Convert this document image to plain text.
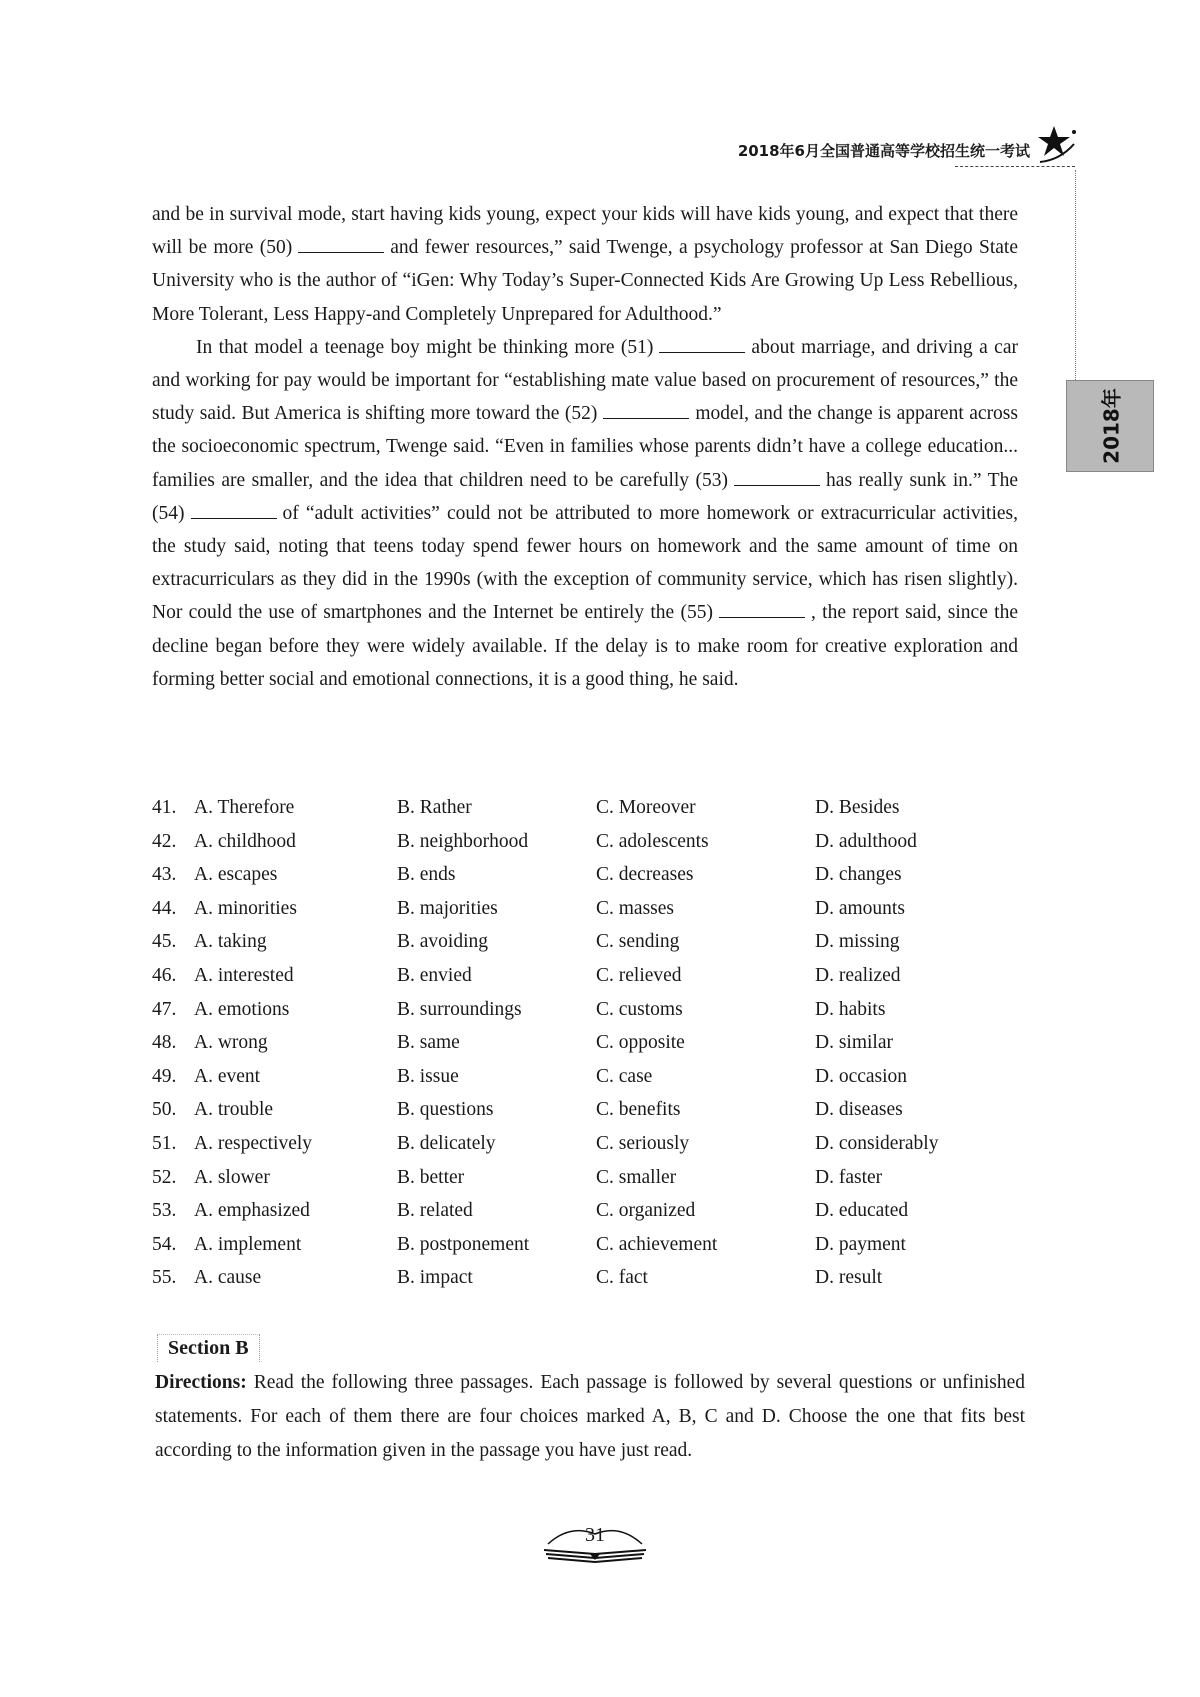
2018年6月全国普通高等学校招生统一考试
2018年

and be in survival mode, start having kids young, expect your kids will have kids young, and expect that there will be more (50)	and fewer resources,” said Twenge, a psychology professor at San Diego State University who is the author of “iGen: Why Today’s Super-Connected Kids Are Growing Up Less Rebellious, More Tolerant, Less Happy-and Completely Unprepared for Adulthood.”

In that model a teenage boy might be thinking more (51)	about marriage, and driving a car and working for pay would be important for “establishing mate value based on procurement of resources,” the study said. But America is shifting more toward the (52)	model, and the change is apparent across the socioeconomic spectrum, Twenge said. “Even in families whose parents didn’t have a college education... families are smaller, and the idea that children need to be carefully (53)	has really sunk in.” The (54)	of “adult activities” could not be attributed to more homework or extracurricular activities, the study said, noting that teens today spend fewer hours on homework and the same amount of time on extracurriculars as they did in the 1990s (with the exception of community service, which has risen slightly). Nor could the use of smartphones and the Internet be entirely the (55)	, the report said, since the decline began before they were widely available. If the delay is to make room for creative exploration and forming better social and emotional connections, it is a good thing, he said.

41. A. Therefore	B. Rather	C. Moreover	D. Besides
42. A. childhood	B. neighborhood	C. adolescents	D. adulthood
43. A. escapes	B. ends	C. decreases	D. changes
44. A. minorities	B. majorities	C. masses	D. amounts
45. A. taking	B. avoiding	C. sending	D. missing
46. A. interested	B. envied	C. relieved	D. realized
47. A. emotions	B. surroundings	C. customs	D. habits
48. A. wrong	B. same	C. opposite	D. similar
49. A. event	B. issue	C. case	D. occasion
50. A. trouble	B. questions	C. benefits	D. diseases
51. A. respectively	B. delicately	C. seriously	D. considerably
52. A. slower	B. better	C. smaller	D. faster
53. A. emphasized	B. related	C. organized	D. educated
54. A. implement	B. postponement	C. achievement	D. payment
55. A. cause	B. impact	C. fact	D. result
Section B
Directions: Read the following three passages. Each passage is followed by several questions or unfinished statements. For each of them there are four choices marked A, B, C and D. Choose the one that fits best according to the information given in the passage you have just read.
31
